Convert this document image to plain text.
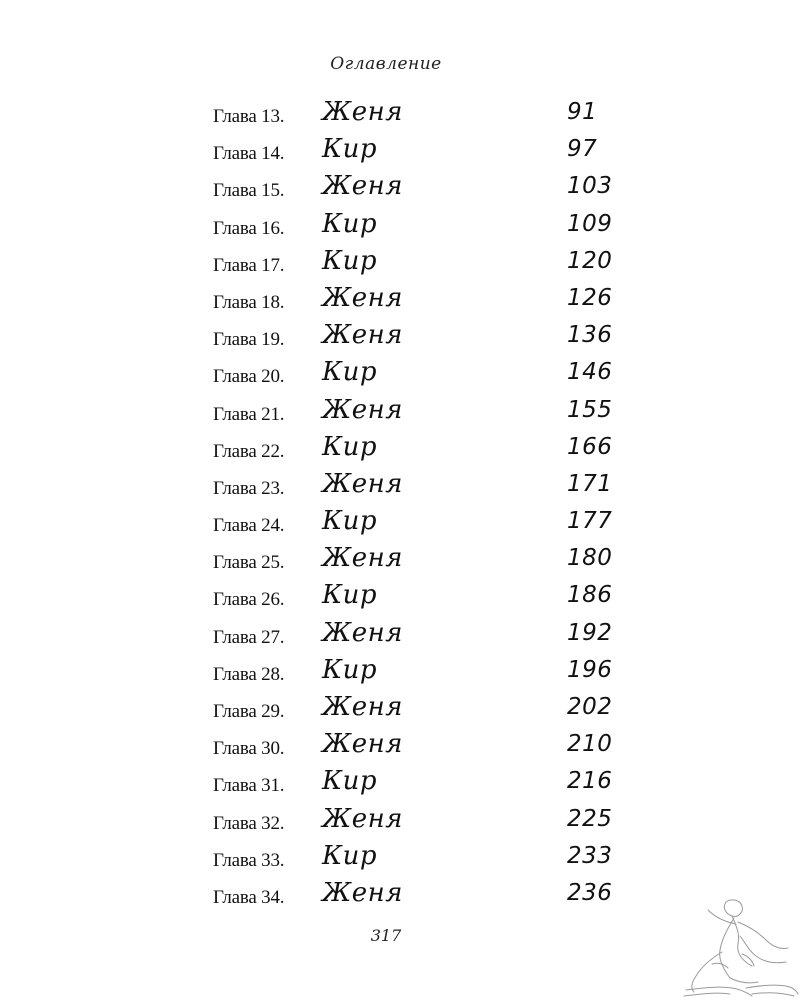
Оглавление
Глава 13. Женя	91
Глава 14. Кир	97
Глава 15. Женя	103
Глава 16. Кир	109
Глава 17. Кир	120
Глава 18. Женя	126
Глава 19. Женя	136
Глава 20. Кир	146
Глава 21. Женя	155
Глава 22. Кир	166
Глава 23. Женя	171
Глава 24. Кир	177
Глава 25. Женя	180
Глава 26. Кир	186
Глава 27. Женя	192
Глава 28. Кир	196
Глава 29. Женя	202
Глава 30. Женя	210
Глава 31. Кир	216
Глава 32. Женя	225
Глава 33. Кир	233
Глава 34. Женя	236
317
